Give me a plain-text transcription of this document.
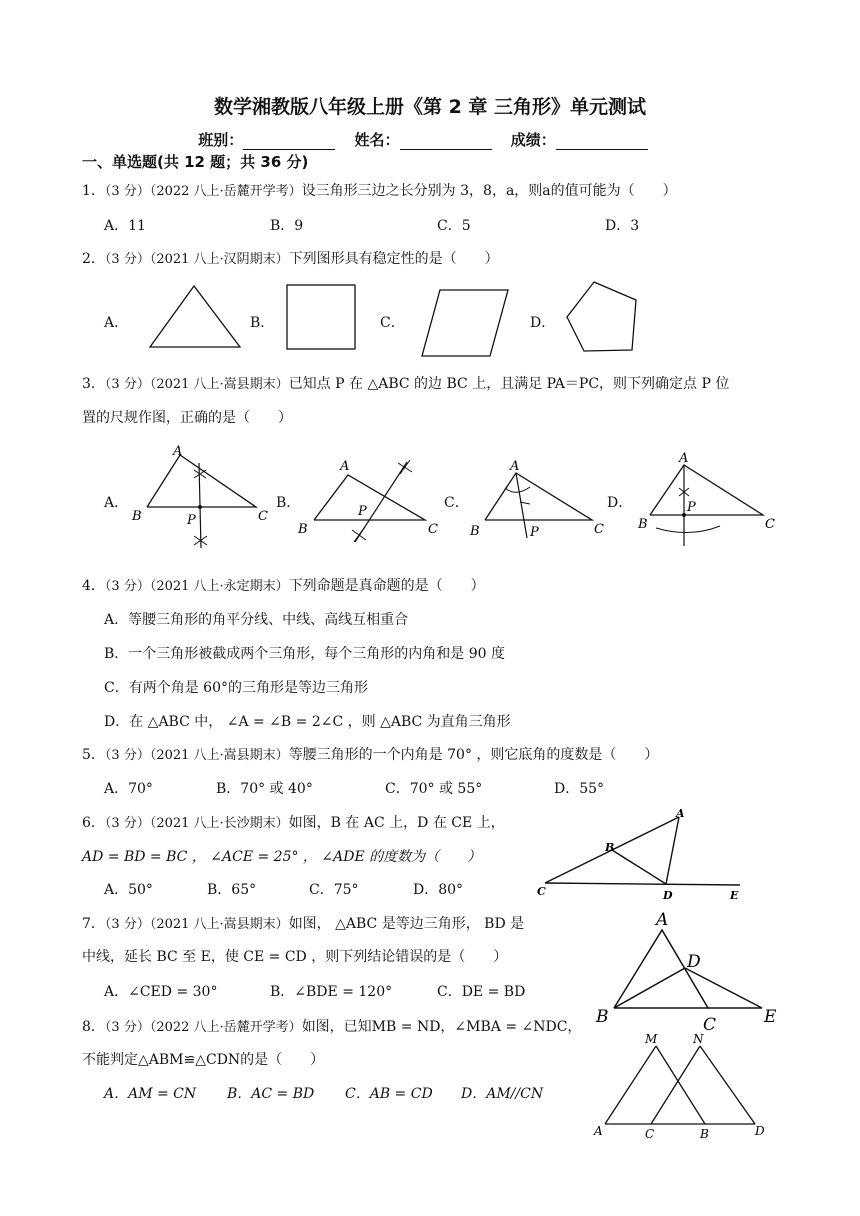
数学湘教版八年级上册《第 2 章 三角形》单元测试
班别：	姓名：	成绩：
一、单选题(共 12 题；共 36 分)
1．（3 分）（2022 八上·岳麓开学考）设三角形三边之长分别为 3，8，a，则a的值可能为（　　）
A．11	B．9	C．5	D．3
2．（3 分）（2021 八上·汉阴期末）下列图形具有稳定性的是（　　）
A．	B．	C．	D．
3．（3 分）（2021 八上·嵩县期末）已知点 P 在 △ABC 的边 BC 上，且满足 PA＝PC，则下列确定点 P 位
置的尺规作图，正确的是（　　）
A．	B．	C．	D．
A
B	P	C
A
P
B	C
A
B	P	C
A
P
B	C
4．（3 分）（2021 八上·永定期末）下列命题是真命题的是（　　）
A．等腰三角形的角平分线、中线、高线互相重合
B．一个三角形被截成两个三角形，每个三角形的内角和是 90 度
C．有两个角是 60°的三角形是等边三角形
D．在 △ABC 中， ∠A = ∠B = 2∠C ，则 △ABC 为直角三角形
5．（3 分）（2021 八上·嵩县期末）等腰三角形的一个内角是 70° ，则它底角的度数是（　　）
A．70°	B．70° 或 40°	C．70° 或 55°	D．55°
6．（3 分）（2021 八上·长沙期末）如图，B 在 AC 上，D 在 CE 上，
AD = BD = BC ， ∠ACE = 25° ， ∠ADE 的度数为（　　）
A．50°	B．65°	C．75°	D．80°
A
B
C	D	E
7．（3 分）（2021 八上·嵩县期末）如图， △ABC 是等边三角形， BD 是
中线，延长 BC 至 E，使 CE = CD ，则下列结论错误的是（　　）
A．∠CED = 30°	B．∠BDE = 120°	C．DE = BD
A
D
B	C	E
8．（3 分）（2022 八上·岳麓开学考）如图，已知MB = ND，∠MBA = ∠NDC，
不能判定△ABM≌△CDN的是（　　）
A．AM = CN B．AC = BD C．AB = CD D．AM//CN
M	N
A	C	B	D
